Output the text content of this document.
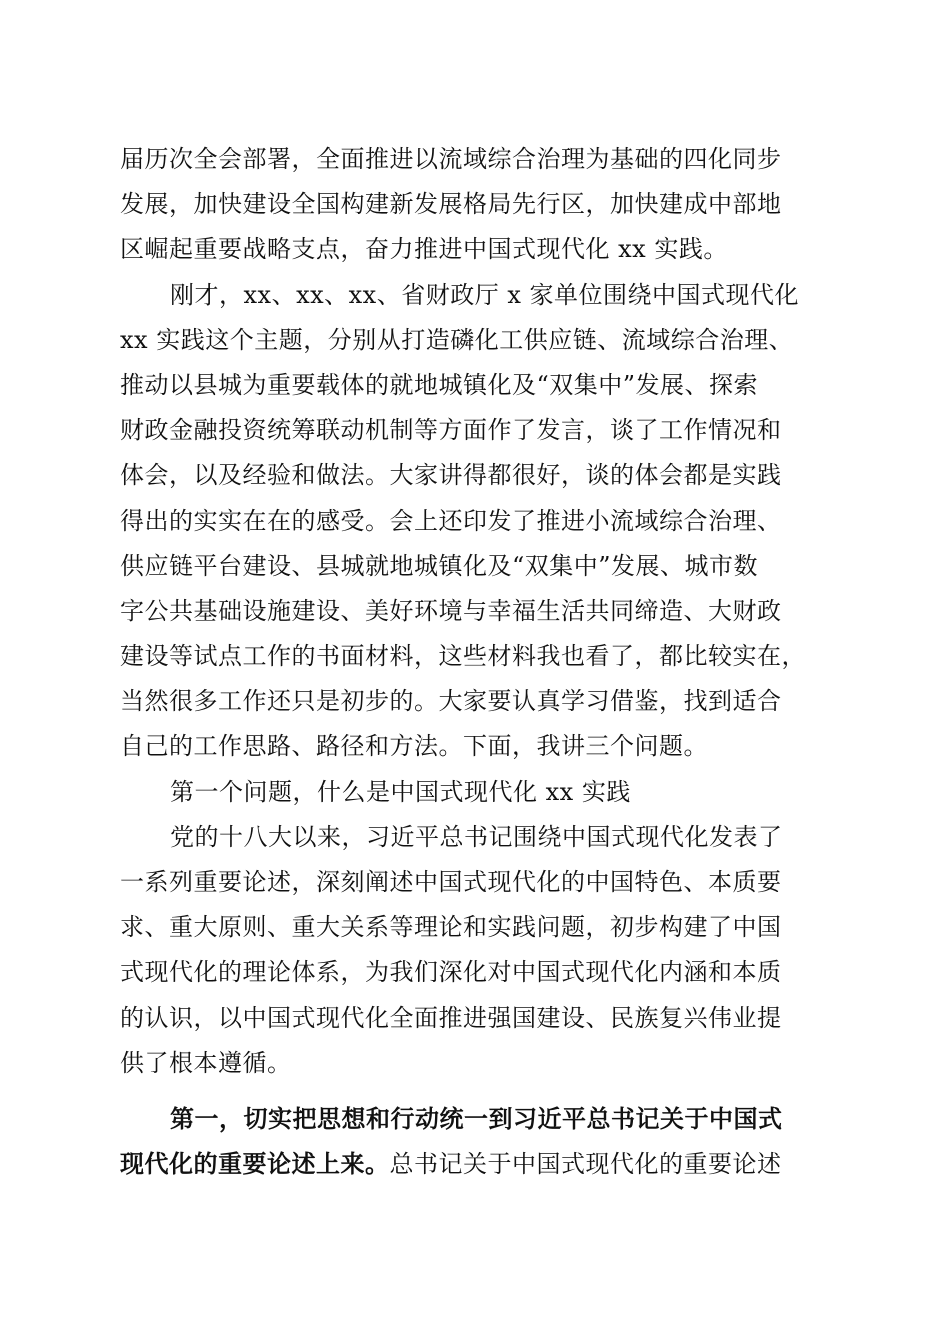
届历次全会部署，全面推进以流域综合治理为基础的四化同步
发展，加快建设全国构建新发展格局先行区，加快建成中部地
区崛起重要战略支点，奋力推进中国式现代化 xx 实践。
刚才，xx、xx、xx、省财政厅 x 家单位围绕中国式现代化
xx 实践这个主题，分别从打造磷化工供应链、流域综合治理、
推动以县城为重要载体的就地城镇化及“双集中”发展、探索
财政金融投资统筹联动机制等方面作了发言，谈了工作情况和
体会，以及经验和做法。大家讲得都很好，谈的体会都是实践
得出的实实在在的感受。会上还印发了推进小流域综合治理、
供应链平台建设、县城就地城镇化及“双集中”发展、城市数
字公共基础设施建设、美好环境与幸福生活共同缔造、大财政
建设等试点工作的书面材料，这些材料我也看了，都比较实在，
当然很多工作还只是初步的。大家要认真学习借鉴，找到适合
自己的工作思路、路径和方法。下面，我讲三个问题。
第一个问题，什么是中国式现代化 xx 实践
党的十八大以来，习近平总书记围绕中国式现代化发表了
一系列重要论述，深刻阐述中国式现代化的中国特色、本质要
求、重大原则、重大关系等理论和实践问题，初步构建了中国
式现代化的理论体系，为我们深化对中国式现代化内涵和本质
的认识，以中国式现代化全面推进强国建设、民族复兴伟业提
供了根本遵循。
第一，切实把思想和行动统一到习近平总书记关于中国式
现代化的重要论述上来。总书记关于中国式现代化的重要论述
